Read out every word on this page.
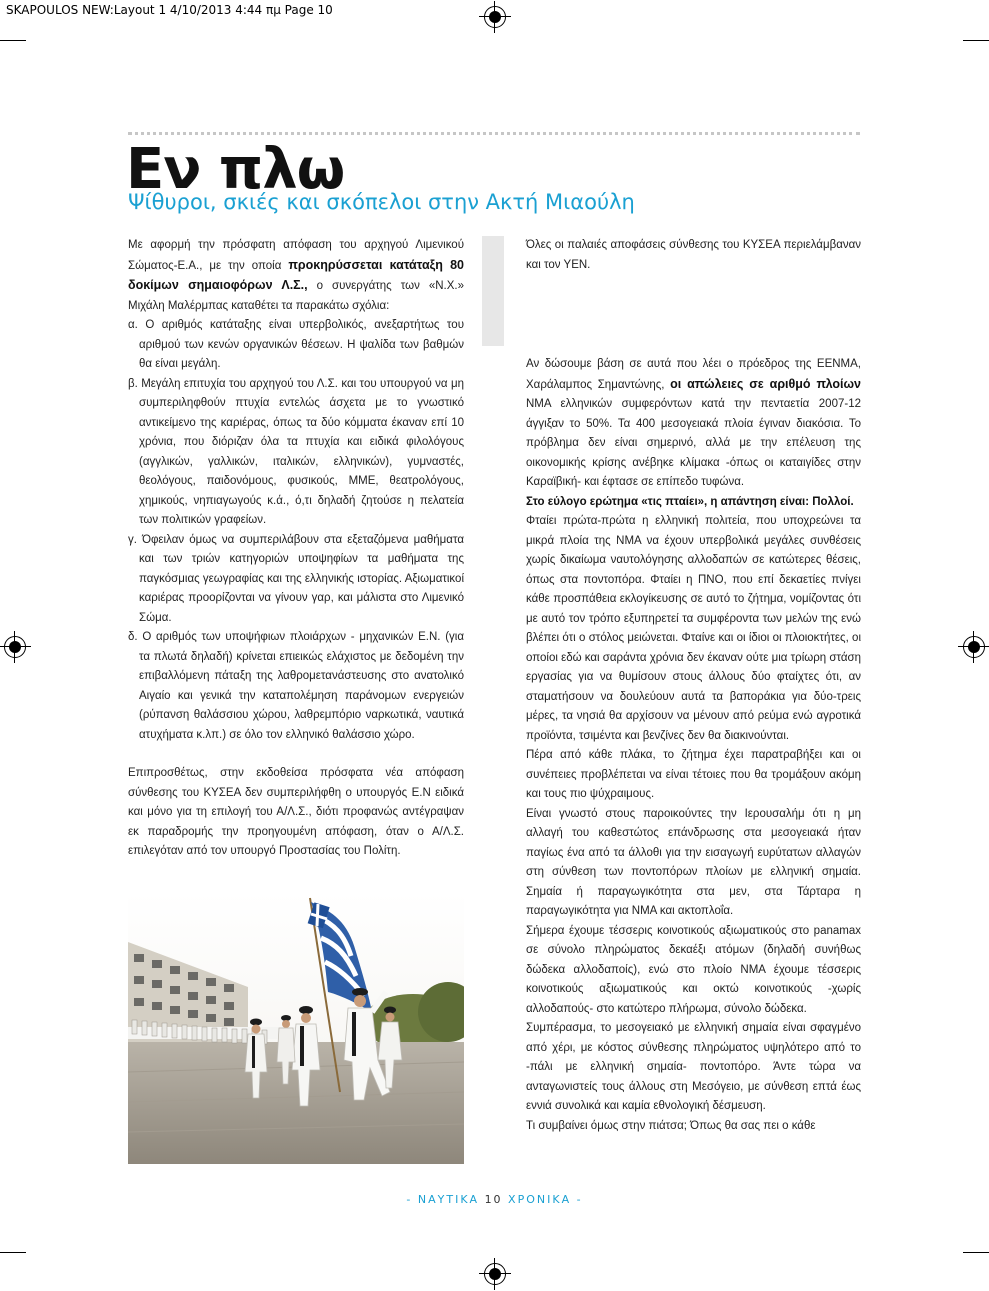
SKAPOULOS NEW:Layout 1 4/10/2013 4:44 πμ Page 10
Εν πλω
Ψίθυροι, σκιές και σκόπελοι στην Ακτή Μιαούλη

Με αφορμή την πρόσφατη απόφαση του αρχηγού Λιμενικού Σώματος-Ε.Α., με την οποία προκηρύσσεται κατάταξη 80 δοκίμων σημαιοφόρων Λ.Σ., ο συνεργάτης των «Ν.Χ.» Μιχάλη Μαλέρμπας καταθέτει τα παρακάτω σχόλια:

α. Ο αριθμός κατάταξης είναι υπερβολικός, ανεξαρτήτως του αριθμού των κενών οργανικών θέσεων. Η ψαλίδα των βαθμών θα είναι μεγάλη.

β. Μεγάλη επιτυχία του αρχηγού του Λ.Σ. και του υπουργού να μη συμπεριληφθούν πτυχία εντελώς άσχετα με το γνωστικό αντικείμενο της καριέρας, όπως τα δύο κόμματα έκαναν επί 10 χρόνια, που διόριζαν όλα τα πτυχία και ειδικά φιλολόγους (αγγλικών, γαλλικών, ιταλικών, ελληνικών), γυμναστές, θεολόγους, παιδονόμους, φυσικούς, ΜΜΕ, θεατρολόγους, χημικούς, νηπιαγωγούς κ.ά., ό,τι δηλαδή ζητούσε η πελατεία των πολιτικών γραφείων.

γ. Όφειλαν όμως να συμπεριλάβουν στα εξεταζόμενα μαθήματα και των τριών κατηγοριών υποψηφίων τα μαθήματα της παγκόσμιας γεωγραφίας και της ελληνικής ιστορίας. Αξιωματικοί καριέρας προορίζονται να γίνουν γαρ, και μάλιστα στο Λιμενικό Σώμα.

δ. Ο αριθμός των υποψήφιων πλοιάρχων - μηχανικών Ε.Ν. (για τα πλωτά δηλαδή) κρίνεται επιεικώς ελάχιστος με δεδομένη την επιβαλλόμενη πάταξη της λαθρομετανάστευσης στο ανατολικό Αιγαίο και γενικά την καταπολέμηση παράνομων ενεργειών (ρύπανση θαλάσσιου χώρου, λαθρεμπόριο ναρκωτικά, ναυτικά ατυχήματα κ.λπ.) σε όλο τον ελληνικό θαλάσσιο χώρο.

Επιπροσθέτως, στην εκδοθείσα πρόσφατα νέα απόφαση σύνθεσης του ΚΥΣΕΑ δεν συμπεριλήφθη ο υπουργός Ε.Ν ειδικά και μόνο για τη επιλογή του Α/Λ.Σ., διότι προφανώς αντέγραψαν εκ παραδρομής την προηγουμένη απόφαση, όταν ο Α/Λ.Σ. επιλεγόταν από τον υπουργό Προστασίας του Πολίτη.

Όλες οι παλαιές αποφάσεις σύνθεσης του ΚΥΣΕΑ περιελάμβαναν και τον ΥΕΝ.

Αν δώσουμε βάση σε αυτά που λέει ο πρόεδρος της ΕΕΝΜΑ, Χαράλαμπος Σημαντώνης, οι απώλειες σε αριθμό πλοίων ΝΜΑ ελληνικών συμφερόντων κατά την πενταετία 2007-12 άγγιξαν το 50%. Τα 400 μεσογειακά πλοία έγιναν διακόσια. Το πρόβλημα δεν είναι σημερινό, αλλά με την επέλευση της οικονομικής κρίσης ανέβηκε κλίμακα -όπως οι καταιγίδες στην Καραϊβική- και έφτασε σε επίπεδο τυφώνα.

Στο εύλογο ερώτημα «τις πταίει», η απάντηση είναι: Πολλοί.

Φταίει πρώτα-πρώτα η ελληνική πολιτεία, που υποχρεώνει τα μικρά πλοία της ΝΜΑ να έχουν υπερβολικά μεγάλες συνθέσεις χωρίς δικαίωμα ναυτολόγησης αλλοδαπών σε κατώτερες θέσεις, όπως στα ποντοπόρα. Φταίει η ΠΝΟ, που επί δεκαετίες πνίγει κάθε προσπάθεια εκλογίκευσης σε αυτό το ζήτημα, νομίζοντας ότι με αυτό τον τρόπο εξυπηρετεί τα συμφέροντα των μελών της ενώ βλέπει ότι ο στόλος μειώνεται. Φταίνε και οι ίδιοι οι πλοιοκτήτες, οι οποίοι εδώ και σαράντα χρόνια δεν έκαναν ούτε μια τρίωρη στάση εργασίας για να θυμίσουν στους άλλους δύο φταίχτες ότι, αν σταματήσουν να δουλεύουν αυτά τα βαποράκια για δύο-τρεις μέρες, τα νησιά θα αρχίσουν να μένουν από ρεύμα ενώ αγροτικά προϊόντα, τσιμέντα και βενζίνες δεν θα διακινούνται.

Πέρα από κάθε πλάκα, το ζήτημα έχει παρατραβήξει και οι συνέπειες προβλέπεται να είναι τέτοιες που θα τρομάξουν ακόμη και τους πιο ψύχραιμους.

Είναι γνωστό στους παροικούντες την Ιερουσαλήμ ότι η μη αλλαγή του καθεστώτος επάνδρωσης στα μεσογειακά ήταν παγίως ένα από τα άλλοθι για την εισαγωγή ευρύτατων αλλαγών στη σύνθεση των ποντοπόρων πλοίων με ελληνική σημαία. Σημαία ή παραγωγικότητα στα μεν, στα Τάρταρα η παραγωγικότητα για ΝΜΑ και ακτοπλοΐα.

Σήμερα έχουμε τέσσερις κοινοτικούς αξιωματικούς στο panamax σε σύνολο πληρώματος δεκαέξι ατόμων (δηλαδή συνήθως δώδεκα αλλοδαποίς), ενώ στο πλοίο ΝΜΑ έχουμε τέσσερις κοινοτικούς αξιωματικούς και οκτώ κοινοτικούς -χωρίς αλλοδαπούς- στο κατώτερο πλήρωμα, σύνολο δώδεκα.

Συμπέρασμα, το μεσογειακό με ελληνική σημαία είναι σφαγμένο από χέρι, με κόστος σύνθεσης πληρώματος υψηλότερο από το -πάλι με ελληνική σημαία- ποντοπόρο. Άντε τώρα να ανταγωνιστείς τους άλλους στη Μεσόγειο, με σύνθεση επτά έως εννιά συνολικά και καμία εθνολογική δέσμευση.

Τι συμβαίνει όμως στην πιάτσα; Όπως θα σας πει ο κάθε

- ΝΑΥΤΙΚΑ 10 ΧΡΟΝΙΚΑ -
